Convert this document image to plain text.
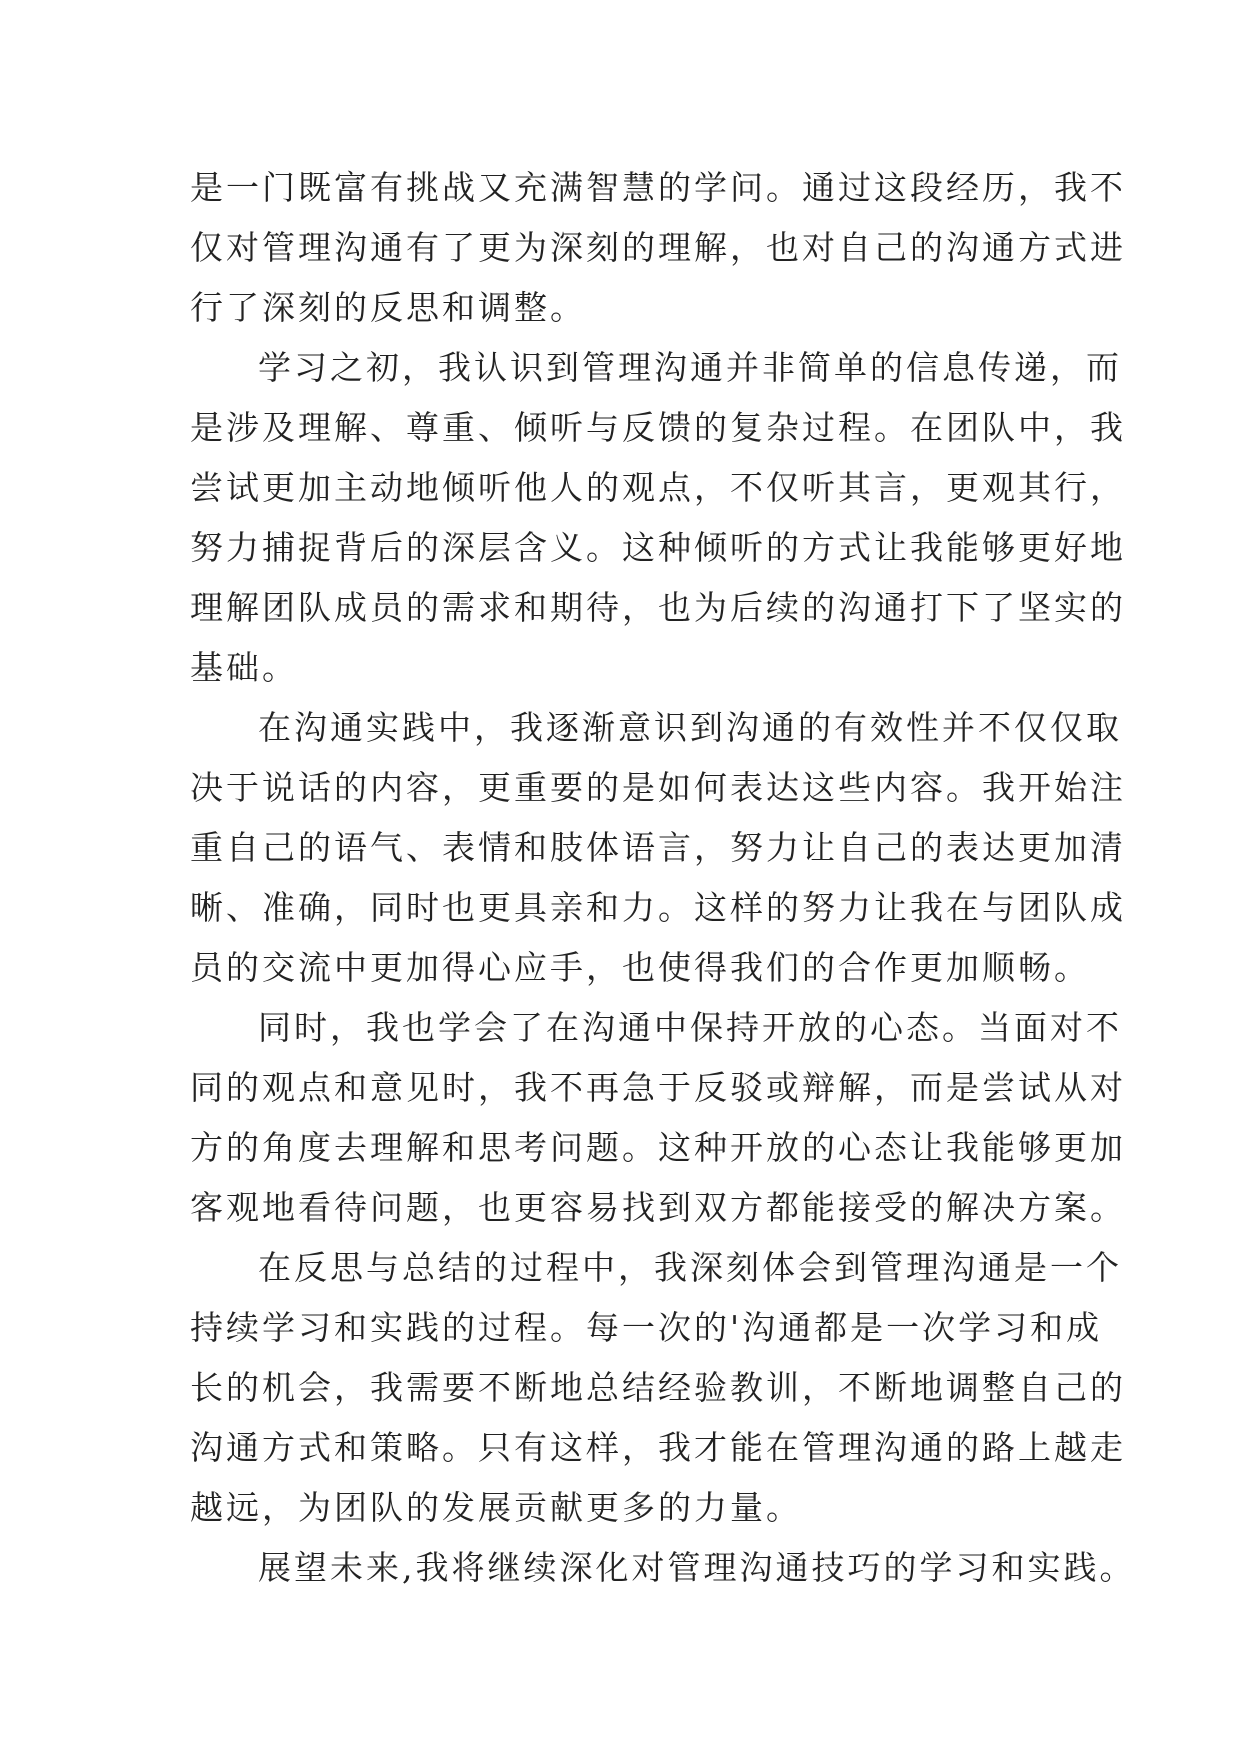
是一门既富有挑战又充满智慧的学问。通过这段经历，我不
仅对管理沟通有了更为深刻的理解，也对自己的沟通方式进
行了深刻的反思和调整。
学习之初，我认识到管理沟通并非简单的信息传递，而
是涉及理解、尊重、倾听与反馈的复杂过程。在团队中，我
尝试更加主动地倾听他人的观点，不仅听其言，更观其行，
努力捕捉背后的深层含义。这种倾听的方式让我能够更好地
理解团队成员的需求和期待，也为后续的沟通打下了坚实的
基础。
在沟通实践中，我逐渐意识到沟通的有效性并不仅仅取
决于说话的内容，更重要的是如何表达这些内容。我开始注
重自己的语气、表情和肢体语言，努力让自己的表达更加清
晰、准确，同时也更具亲和力。这样的努力让我在与团队成
员的交流中更加得心应手，也使得我们的合作更加顺畅。
同时，我也学会了在沟通中保持开放的心态。当面对不
同的观点和意见时，我不再急于反驳或辩解，而是尝试从对
方的角度去理解和思考问题。这种开放的心态让我能够更加
客观地看待问题，也更容易找到双方都能接受的解决方案。
在反思与总结的过程中，我深刻体会到管理沟通是一个
持续学习和实践的过程。每一次的'沟通都是一次学习和成
长的机会，我需要不断地总结经验教训，不断地调整自己的
沟通方式和策略。只有这样，我才能在管理沟通的路上越走
越远，为团队的发展贡献更多的力量。
展望未来,我将继续深化对管理沟通技巧的学习和实践。
